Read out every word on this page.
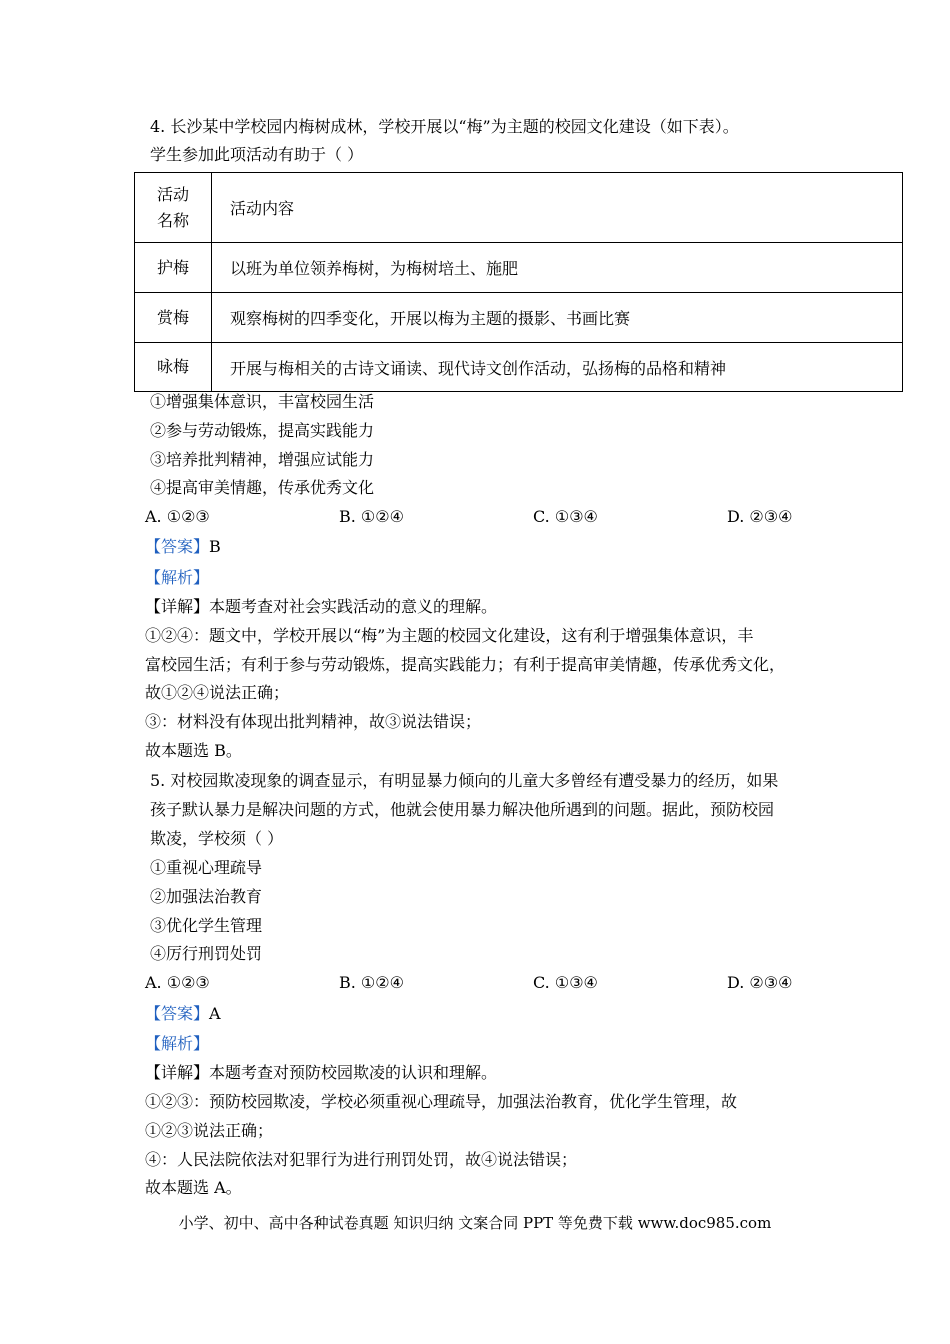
4. 长沙某中学校园内梅树成林，学校开展以“梅”为主题的校园文化建设（如下表）。
学生参加此项活动有助于（ ）
活动
名称	活动内容
护梅	以班为单位领养梅树，为梅树培土、施肥
赏梅	观察梅树的四季变化，开展以梅为主题的摄影、书画比赛
咏梅	开展与梅相关的古诗文诵读、现代诗文创作活动，弘扬梅的品格和精神
①增强集体意识，丰富校园生活
②参与劳动锻炼，提高实践能力
③培养批判精神，增强应试能力
④提高审美情趣，传承优秀文化
A. ①②③	B. ①②④	C. ①③④	D. ②③④
【答案】B
【解析】
【详解】本题考查对社会实践活动的意义的理解。
①②④：题文中，学校开展以“梅”为主题的校园文化建设，这有利于增强集体意识，丰
富校园生活；有利于参与劳动锻炼，提高实践能力；有利于提高审美情趣，传承优秀文化，
故①②④说法正确；
③：材料没有体现出批判精神，故③说法错误；
故本题选 B。
5. 对校园欺凌现象的调查显示，有明显暴力倾向的儿童大多曾经有遭受暴力的经历，如果
孩子默认暴力是解决问题的方式，他就会使用暴力解决他所遇到的问题。据此，预防校园
欺凌，学校须（ ）
①重视心理疏导
②加强法治教育
③优化学生管理
④厉行刑罚处罚
A. ①②③	B. ①②④	C. ①③④	D. ②③④
【答案】A
【解析】
【详解】本题考查对预防校园欺凌的认识和理解。
①②③：预防校园欺凌，学校必须重视心理疏导，加强法治教育，优化学生管理，故
①②③说法正确；
④：人民法院依法对犯罪行为进行刑罚处罚，故④说法错误；
故本题选 A。
小学、初中、高中各种试卷真题 知识归纳 文案合同 PPT 等免费下载 www.doc985.com
